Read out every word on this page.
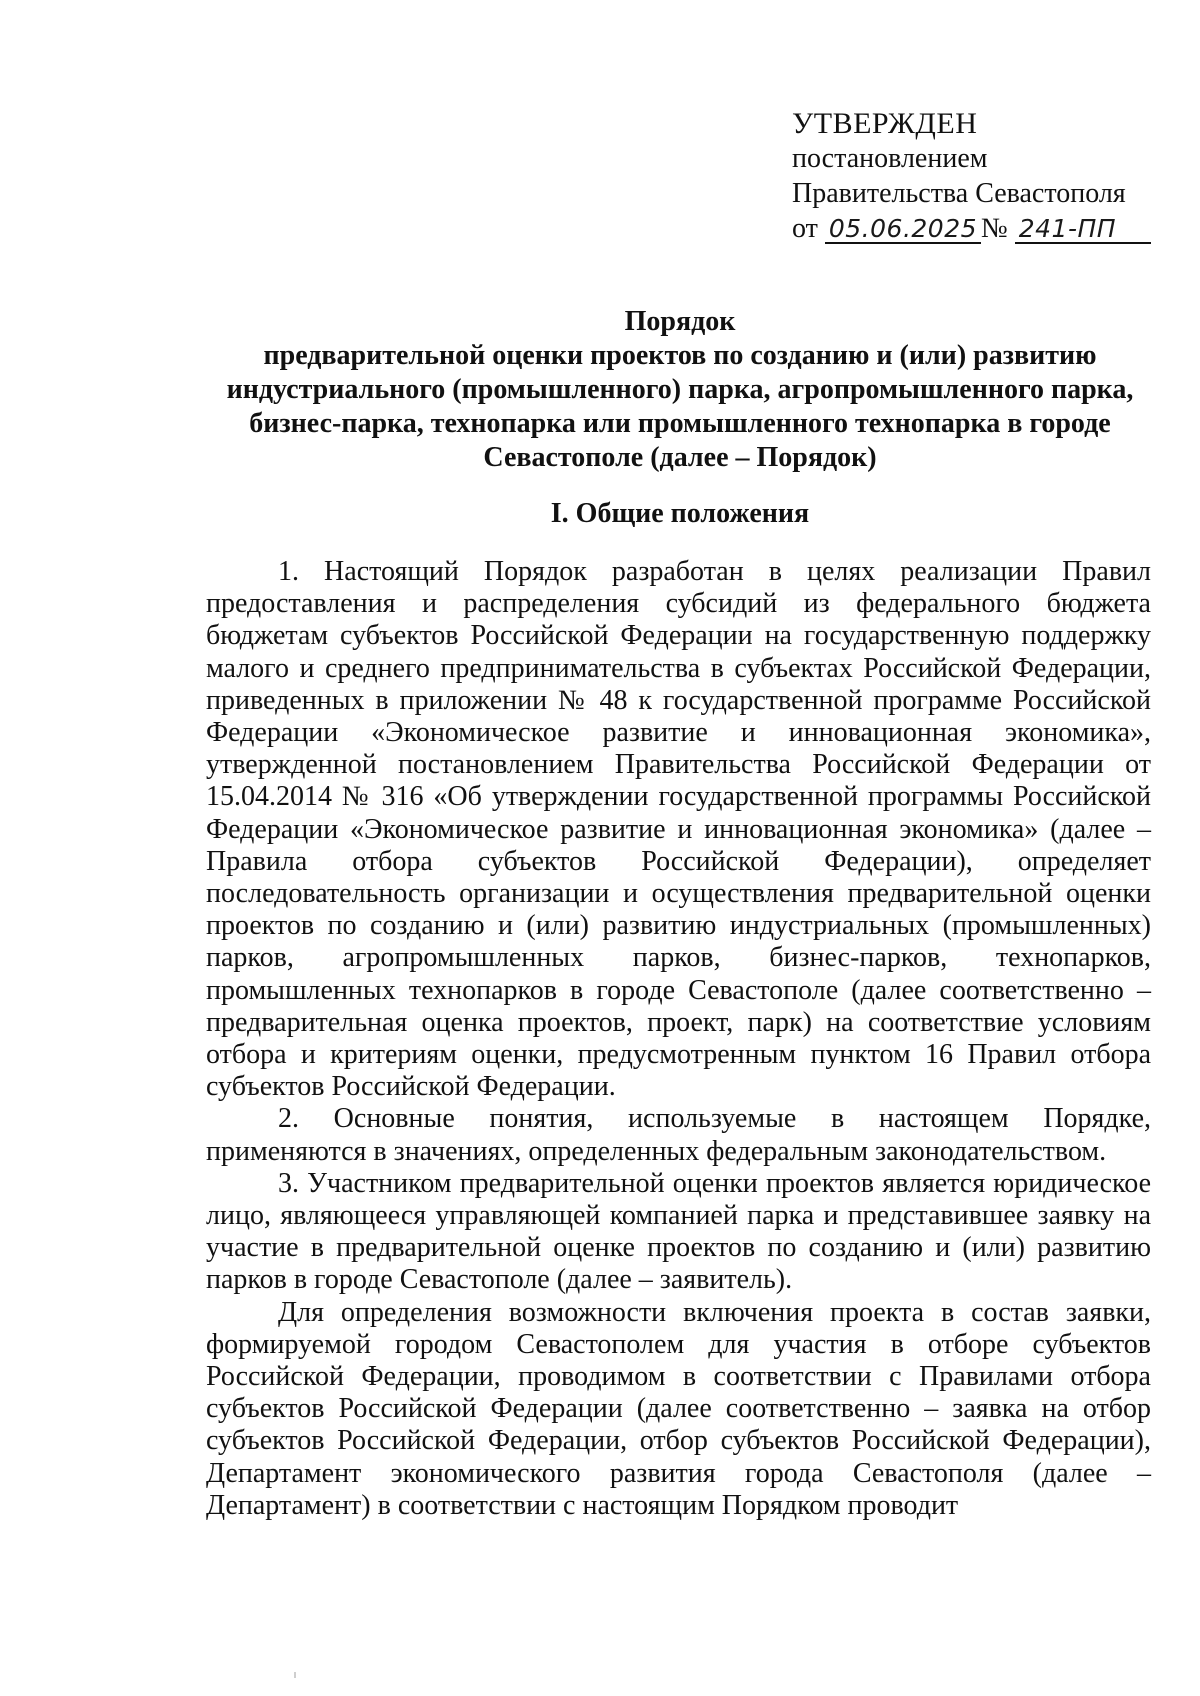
УТВЕРЖДЕН
постановлением
Правительства Севастополя
от 05.06.2025 № 241-ПП
Порядок
предварительной оценки проектов по созданию и (или) развитию
индустриального (промышленного) парка, агропромышленного парка,
бизнес-парка, технопарка или промышленного технопарка в городе
Севастополе (далее – Порядок)
I. Общие положения

1. Настоящий Порядок разработан в целях реализации Правил предоставления и распределения субсидий из федерального бюджета бюджетам субъектов Российской Федерации на государственную поддержку малого и среднего предпринимательства в субъектах Российской Федерации, приведенных в приложении № 48 к государственной программе Российской Федерации «Экономическое развитие и инновационная экономика», утвержденной постановлением Правительства Российской Федерации от 15.04.2014 № 316 «Об утверждении государственной программы Российской Федерации «Экономическое развитие и инновационная экономика» (далее – Правила отбора субъектов Российской Федерации), определяет последовательность организации и осуществления предварительной оценки проектов по созданию и (или) развитию индустриальных (промышленных) парков, агропромышленных парков, бизнес-парков, технопарков, промышленных технопарков в городе Севастополе (далее соответственно – предварительная оценка проектов, проект, парк) на соответствие условиям отбора и критериям оценки, предусмотренным пунктом 16 Правил отбора субъектов Российской Федерации.

2. Основные понятия, используемые в настоящем Порядке, применяются в значениях, определенных федеральным законодательством.

3. Участником предварительной оценки проектов является юридическое лицо, являющееся управляющей компанией парка и представившее заявку на участие в предварительной оценке проектов по созданию и (или) развитию парков в городе Севастополе (далее – заявитель).

Для определения возможности включения проекта в состав заявки, формируемой городом Севастополем для участия в отборе субъектов Российской Федерации, проводимом в соответствии с Правилами отбора субъектов Российской Федерации (далее соответственно – заявка на отбор субъектов Российской Федерации, отбор субъектов Российской Федерации), Департамент экономического развития города Севастополя (далее – Департамент) в соответствии с настоящим Порядком проводит
